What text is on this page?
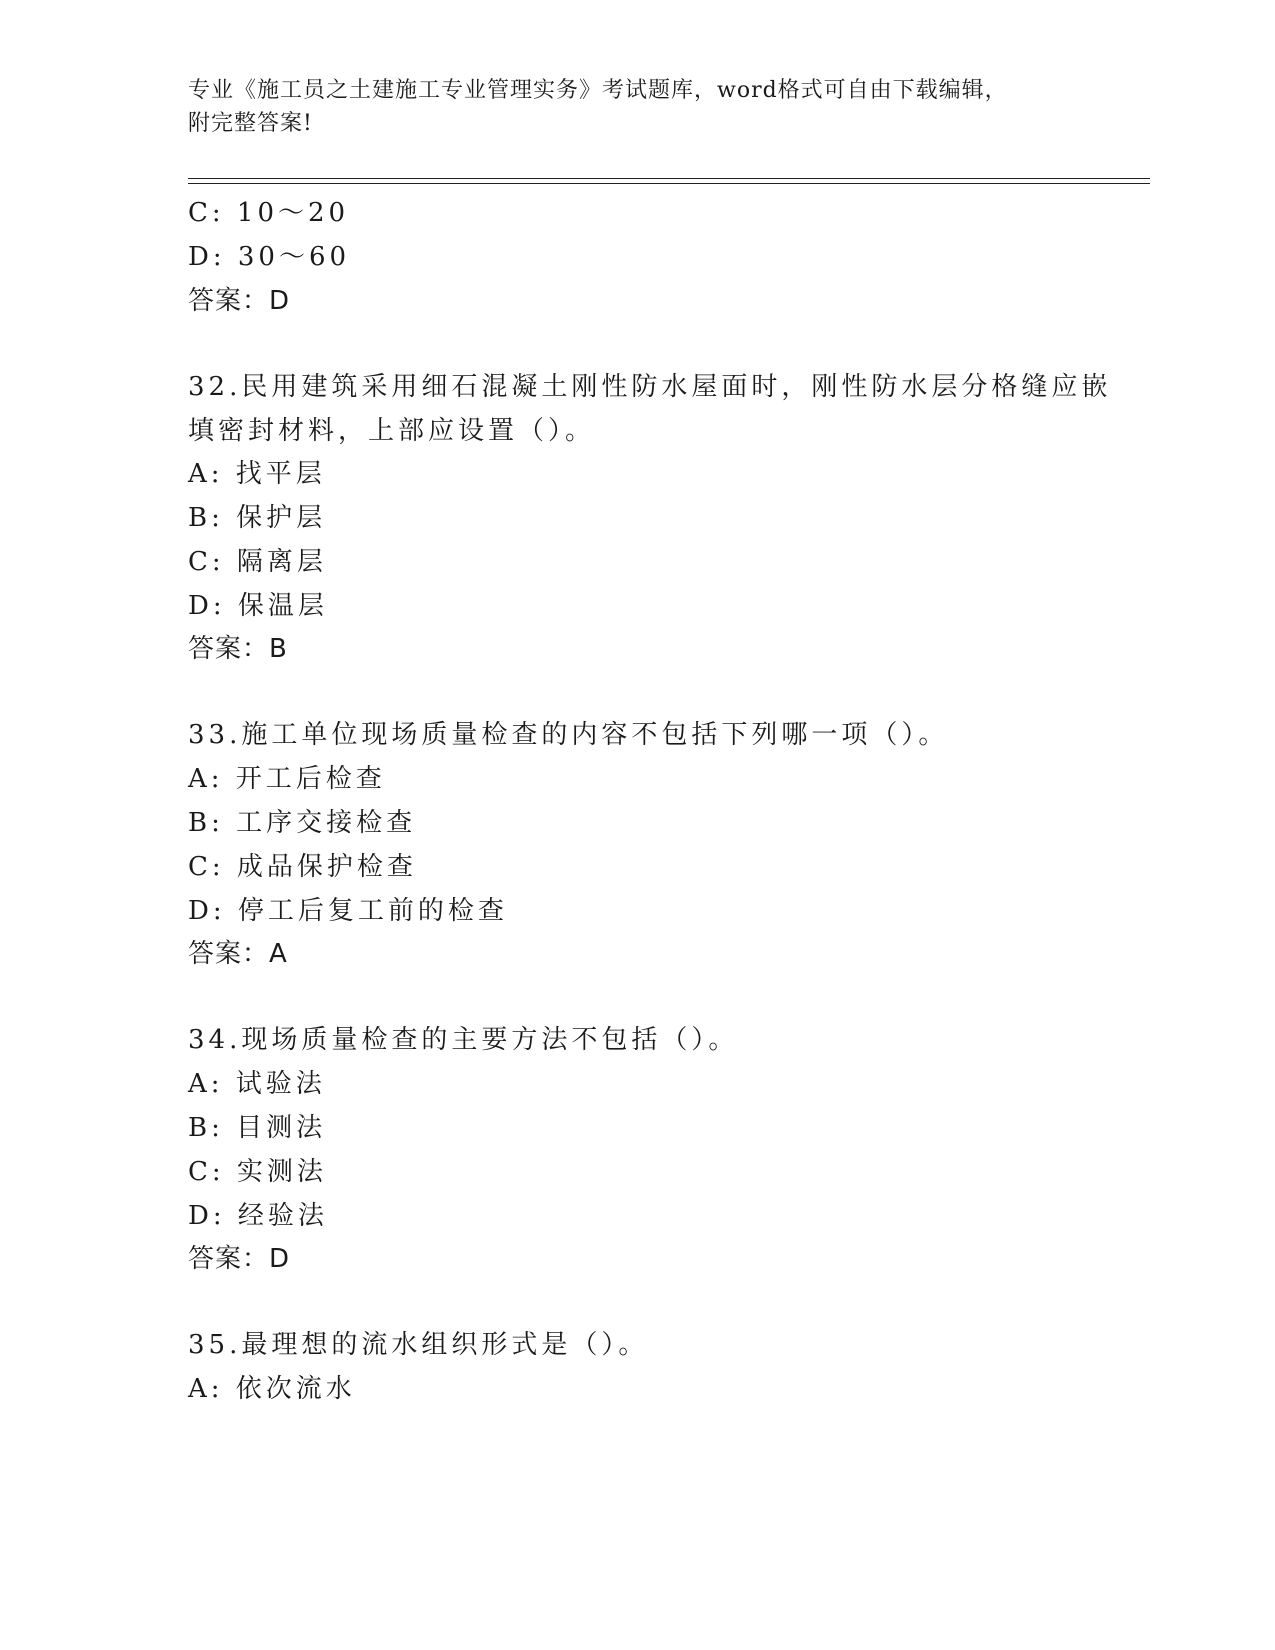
专业《施工员之土建施工专业管理实务》考试题库，word格式可自由下载编辑，
附完整答案!
C: 10～20
D: 30～60
答案：D
32.民用建筑采用细石混凝土刚性防水屋面时，刚性防水层分格缝应嵌
填密封材料，上部应设置（）。
A: 找平层
B: 保护层
C: 隔离层
D: 保温层
答案：B
33.施工单位现场质量检查的内容不包括下列哪一项（）。
A: 开工后检查
B: 工序交接检查
C: 成品保护检查
D: 停工后复工前的检查
答案：A
34.现场质量检查的主要方法不包括（）。
A: 试验法
B: 目测法
C: 实测法
D: 经验法
答案：D
35.最理想的流水组织形式是（）。
A: 依次流水
